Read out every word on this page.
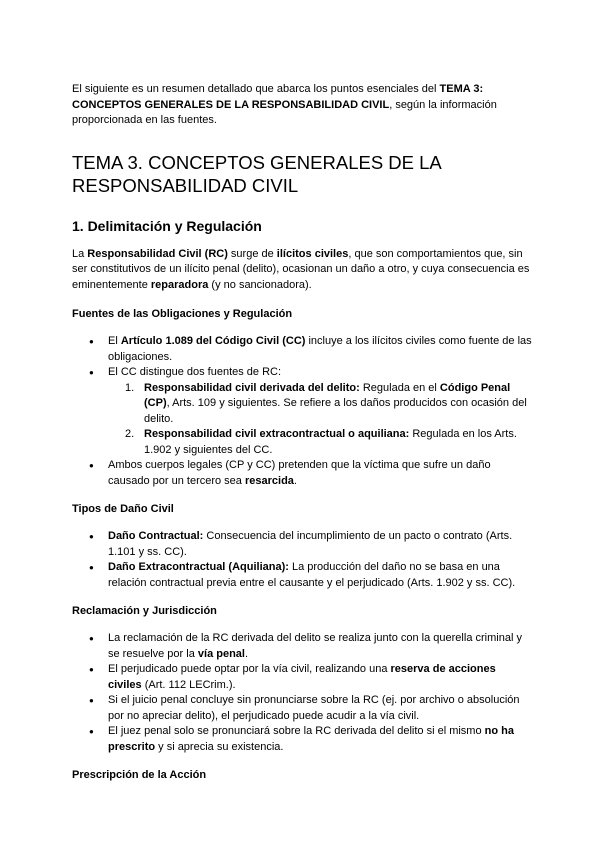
El siguiente es un resumen detallado que abarca los puntos esenciales del TEMA 3: CONCEPTOS GENERALES DE LA RESPONSABILIDAD CIVIL, según la información proporcionada en las fuentes.

TEMA 3. CONCEPTOS GENERALES DE LA RESPONSABILIDAD CIVIL
1. Delimitación y Regulación

La Responsabilidad Civil (RC) surge de ilícitos civiles, que son comportamientos que, sin ser constitutivos de un ilícito penal (delito), ocasionan un daño a otro, y cuya consecuencia es eminentemente reparadora (y no sancionadora).

Fuentes de las Obligaciones y Regulación
● El Artículo 1.089 del Código Civil (CC) incluye a los ilícitos civiles como fuente de las obligaciones.
● El CC distingue dos fuentes de RC:
1. Responsabilidad civil derivada del delito: Regulada en el Código Penal (CP), Arts. 109 y siguientes. Se refiere a los daños producidos con ocasión del delito.
2. Responsabilidad civil extracontractual o aquiliana: Regulada en los Arts. 1.902 y siguientes del CC.
● Ambos cuerpos legales (CP y CC) pretenden que la víctima que sufre un daño causado por un tercero sea resarcida.
Tipos de Daño Civil
● Daño Contractual: Consecuencia del incumplimiento de un pacto o contrato (Arts. 1.101 y ss. CC).
● Daño Extracontractual (Aquiliana): La producción del daño no se basa en una relación contractual previa entre el causante y el perjudicado (Arts. 1.902 y ss. CC).
Reclamación y Jurisdicción
● La reclamación de la RC derivada del delito se realiza junto con la querella criminal y se resuelve por la vía penal.
● El perjudicado puede optar por la vía civil, realizando una reserva de acciones civiles (Art. 112 LECrim.).
● Si el juicio penal concluye sin pronunciarse sobre la RC (ej. por archivo o absolución por no apreciar delito), el perjudicado puede acudir a la vía civil.
● El juez penal solo se pronunciará sobre la RC derivada del delito si el mismo no ha prescrito y si aprecia su existencia.
Prescripción de la Acción
